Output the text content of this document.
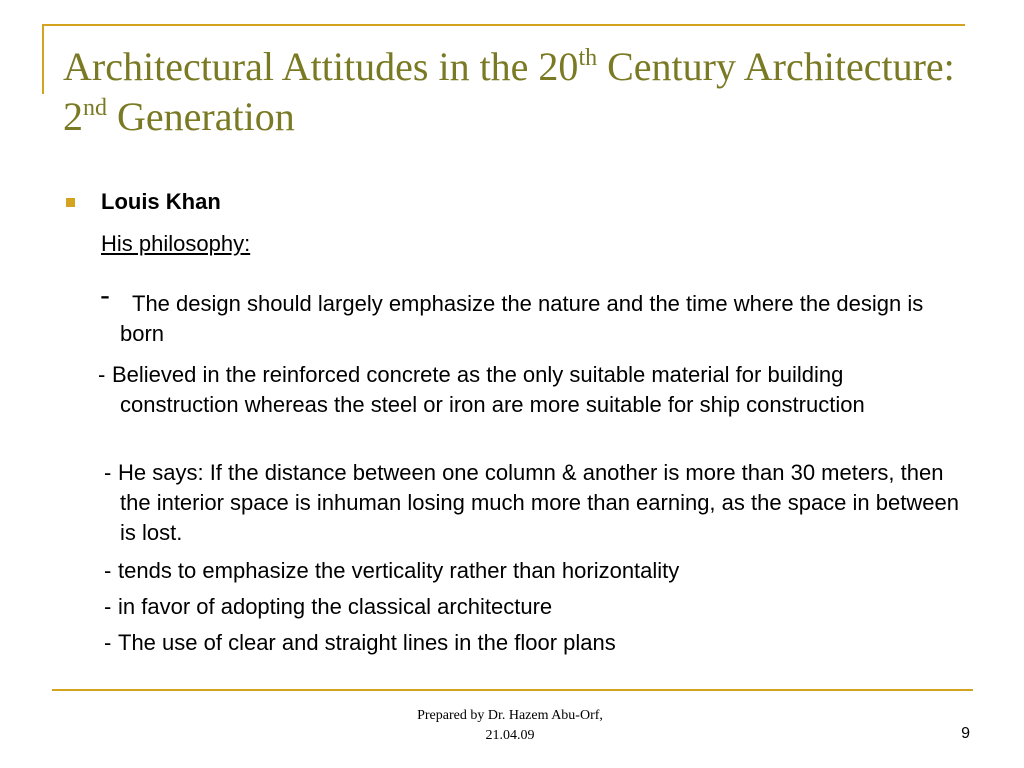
Architectural Attitudes in the 20th Century Architecture: 2nd Generation
Louis Khan
His philosophy:
-	The design should largely emphasize the nature and the time where the design is born
- Believed in the reinforced concrete as the only suitable material for building construction whereas the steel or iron are more suitable for ship construction
- He says: If the distance between one column & another is more than 30 meters, then the interior space is inhuman losing much more than earning, as the space in between is lost.
- tends to emphasize the verticality rather than horizontality
- in favor of adopting the classical architecture
- The use of clear and straight lines in the floor plans
Prepared by Dr. Hazem Abu-Orf,
21.04.09	9
